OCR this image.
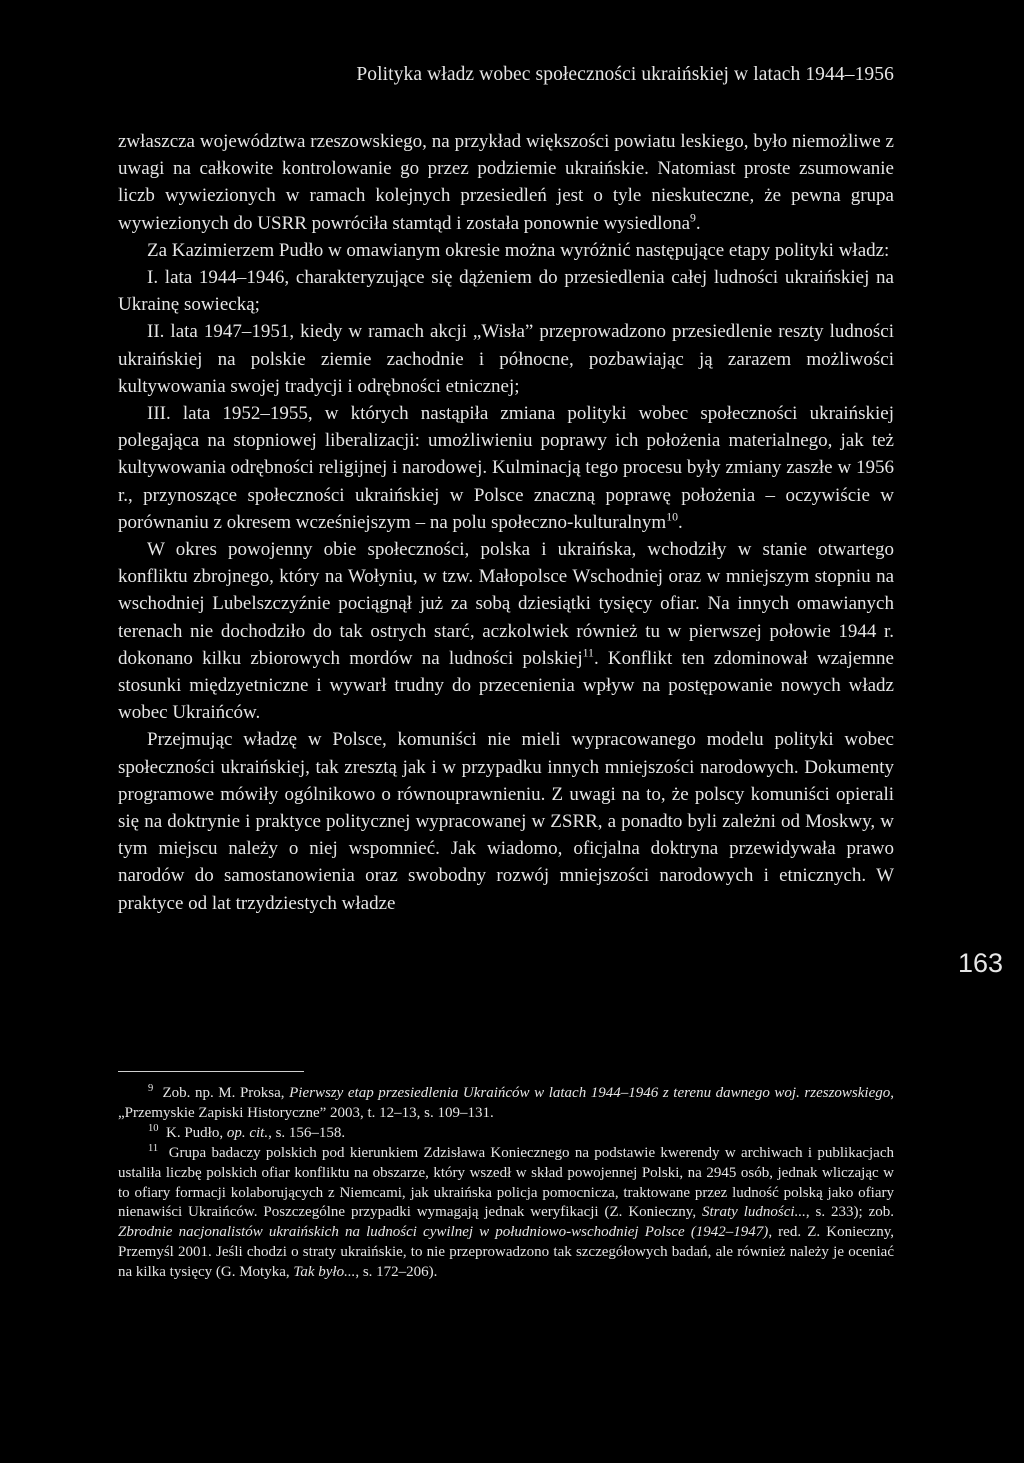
Polityka władz wobec społeczności ukraińskiej w latach 1944–1956

zwłaszcza województwa rzeszowskiego, na przykład większości powiatu leskiego, było niemożliwe z uwagi na całkowite kontrolowanie go przez podziemie ukraińskie. Natomiast proste zsumowanie liczb wywiezionych w ramach kolejnych przesiedleń jest o tyle nieskuteczne, że pewna grupa wywiezionych do USRR powróciła stamtąd i została ponownie wysiedlona$^9$.

Za Kazimierzem Pudło w omawianym okresie można wyróżnić następujące etapy polityki władz:

I. lata 1944–1946, charakteryzujące się dążeniem do przesiedlenia całej ludności ukraińskiej na Ukrainę sowiecką;

II. lata 1947–1951, kiedy w ramach akcji „Wisła” przeprowadzono przesiedlenie reszty ludności ukraińskiej na polskie ziemie zachodnie i północne, pozbawiając ją zarazem możliwości kultywowania swojej tradycji i odrębności etnicznej;

III. lata 1952–1955, w których nastąpiła zmiana polityki wobec społeczności ukraińskiej polegająca na stopniowej liberalizacji: umożliwieniu poprawy ich położenia materialnego, jak też kultywowania odrębności religijnej i narodowej. Kulminacją tego procesu były zmiany zaszłe w 1956 r., przynoszące społeczności ukraińskiej w Polsce znaczną poprawę położenia – oczywiście w porównaniu z okresem wcześniejszym – na polu społeczno-kulturalnym$^{10}$.

W okres powojenny obie społeczności, polska i ukraińska, wchodziły w stanie otwartego konfliktu zbrojnego, który na Wołyniu, w tzw. Małopolsce Wschodniej oraz w mniejszym stopniu na wschodniej Lubelszczyźnie pociągnął już za sobą dziesiątki tysięcy ofiar. Na innych omawianych terenach nie dochodziło do tak ostrych starć, aczkolwiek również tu w pierwszej połowie 1944 r. dokonano kilku zbiorowych mordów na ludności polskiej$^{11}$. Konflikt ten zdominował wzajemne stosunki międzyetniczne i wywarł trudny do przecenienia wpływ na postępowanie nowych władz wobec Ukraińców.

Przejmując władzę w Polsce, komuniści nie mieli wypracowanego modelu polityki wobec społeczności ukraińskiej, tak zresztą jak i w przypadku innych mniejszości narodowych. Dokumenty programowe mówiły ogólnikowo o równouprawnieniu. Z uwagi na to, że polscy komuniści opierali się na doktrynie i praktyce politycznej wypracowanej w ZSRR, a ponadto byli zależni od Moskwy, w tym miejscu należy o niej wspomnieć. Jak wiadomo, oficjalna doktryna przewidywała prawo narodów do samostanowienia oraz swobodny rozwój mniejszości narodowych i etnicznych. W praktyce od lat trzydziestych władze

163

$^9$ Zob. np. M. Proksa, Pierwszy etap przesiedlenia Ukraińców w latach 1944–1946 z terenu dawnego woj. rzeszowskiego, „Przemyskie Zapiski Historyczne” 2003, t. 12–13, s. 109–131.

$^{10}$ K. Pudło, op. cit., s. 156–158.

$^{11}$ Grupa badaczy polskich pod kierunkiem Zdzisława Koniecznego na podstawie kwerendy w archiwach i publikacjach ustaliła liczbę polskich ofiar konfliktu na obszarze, który wszedł w skład powojennej Polski, na 2945 osób, jednak wliczając w to ofiary formacji kolaborujących z Niemcami, jak ukraińska policja pomocnicza, traktowane przez ludność polską jako ofiary nienawiści Ukraińców. Poszczególne przypadki wymagają jednak weryfikacji (Z. Konieczny, Straty ludności..., s. 233); zob. Zbrodnie nacjonalistów ukraińskich na ludności cywilnej w południowo-wschodniej Polsce (1942–1947), red. Z. Konieczny, Przemyśl 2001. Jeśli chodzi o straty ukraińskie, to nie przeprowadzono tak szczegółowych badań, ale również należy je oceniać na kilka tysięcy (G. Motyka, Tak było..., s. 172–206).
